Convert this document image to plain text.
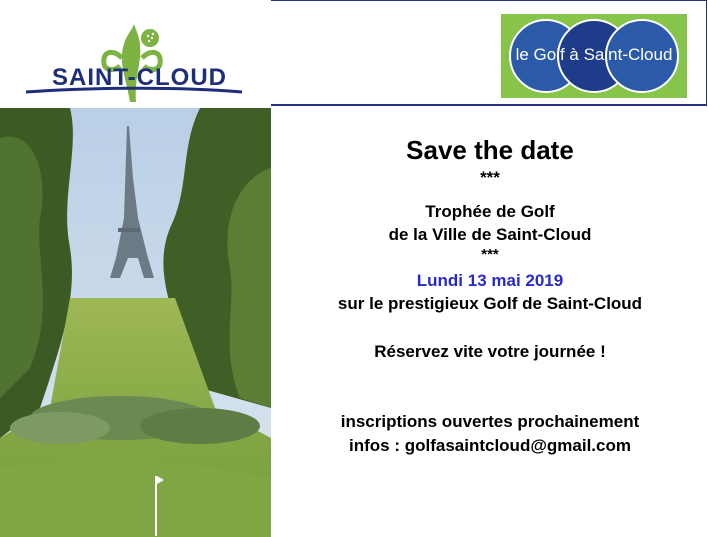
SAINT-CLOUD
le Golf à Saint-Cloud
Save the date
***
Trophée de Golf
de la Ville de Saint-Cloud
***
Lundi 13 mai 2019
sur le prestigieux Golf de Saint-Cloud
Réservez vite votre journée !
inscriptions ouvertes prochainement
infos : golfasaintcloud@gmail.com
